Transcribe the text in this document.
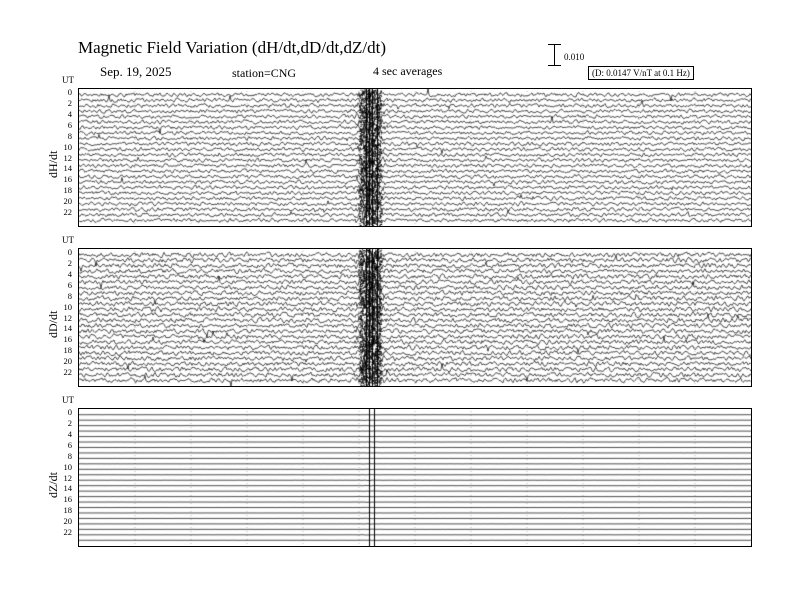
Magnetic Field Variation (dH/dt,dD/dt,dZ/dt)
Sep. 19, 2025	station=CNG	4 sec averages
0.010
(D: 0.0147 V/nT at 0.1 Hz)
dH/dt
UT
dD/dt
UT
dZ/dt
UT
0
2
4
6
8
10
12
14
16
18
20
22
0
2
4
6
8
10
12
14
16
18
20
22
0
2
4
6
8
10
12
14
16
18
20
22
